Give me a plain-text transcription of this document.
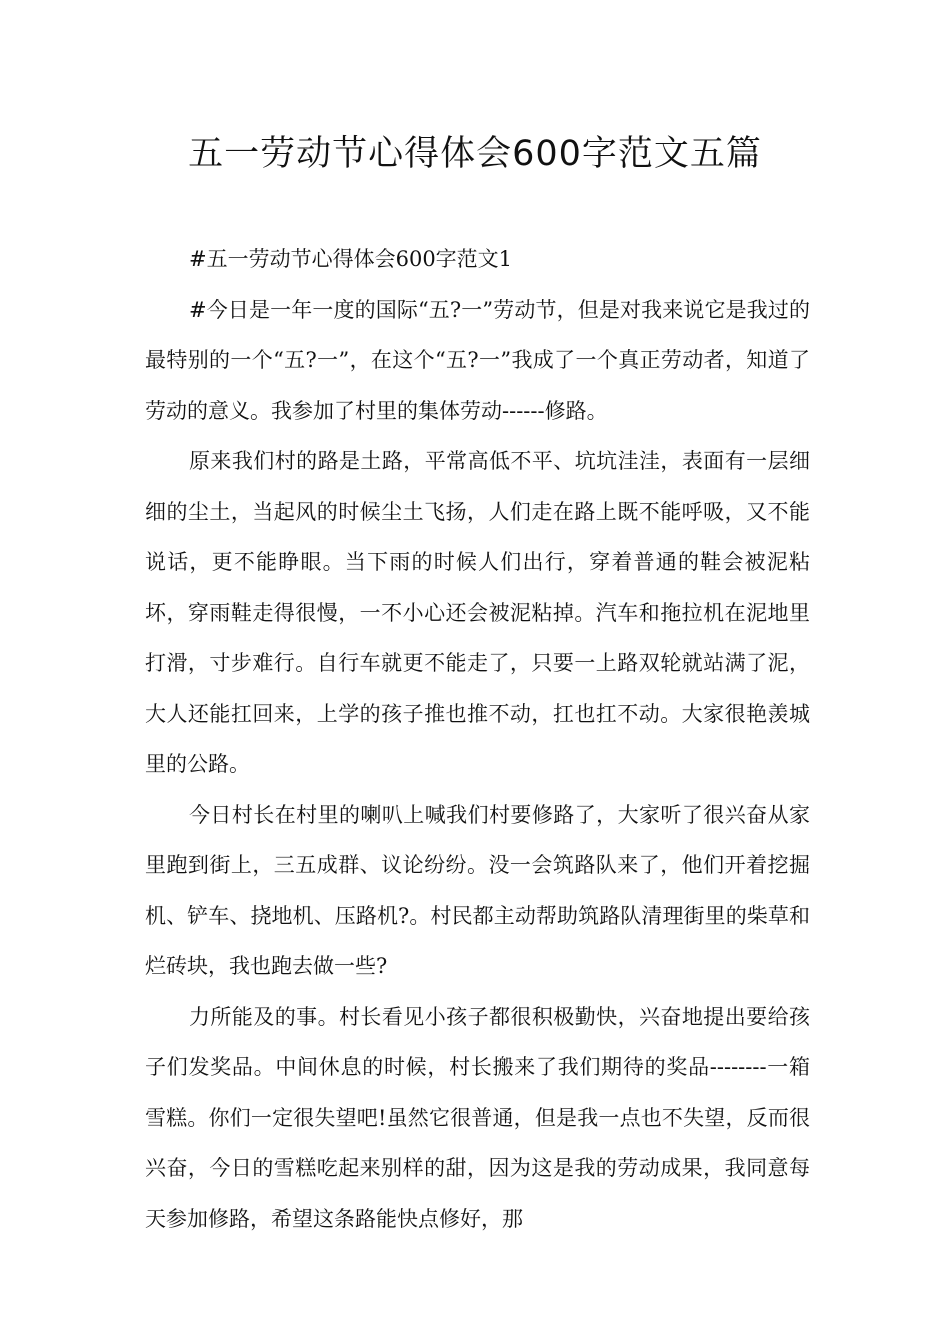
五一劳动节心得体会600字范文五篇

#五一劳动节心得体会600字范文1

#今日是一年一度的国际“五?一”劳动节，但是对我来说它是我过的最特别的一个“五?一”，在这个“五?一”我成了一个真正劳动者，知道了劳动的意义。我参加了村里的集体劳动------修路。

原来我们村的路是土路，平常高低不平、坑坑洼洼，表面有一层细细的尘土，当起风的时候尘土飞扬，人们走在路上既不能呼吸，又不能说话，更不能睁眼。当下雨的时候人们出行，穿着普通的鞋会被泥粘坏，穿雨鞋走得很慢，一不小心还会被泥粘掉。汽车和拖拉机在泥地里打滑，寸步难行。自行车就更不能走了，只要一上路双轮就站满了泥，大人还能扛回来，上学的孩子推也推不动，扛也扛不动。大家很艳羡城里的公路。

今日村长在村里的喇叭上喊我们村要修路了，大家听了很兴奋从家里跑到街上，三五成群、议论纷纷。没一会筑路队来了，他们开着挖掘机、铲车、挠地机、压路机?。村民都主动帮助筑路队清理街里的柴草和烂砖块，我也跑去做一些?

力所能及的事。村长看见小孩子都很积极勤快，兴奋地提出要给孩子们发奖品。中间休息的时候，村长搬来了我们期待的奖品--------一箱雪糕。你们一定很失望吧!虽然它很普通，但是我一点也不失望，反而很兴奋，今日的雪糕吃起来别样的甜，因为这是我的劳动成果，我同意每天参加修路，希望这条路能快点修好，那
